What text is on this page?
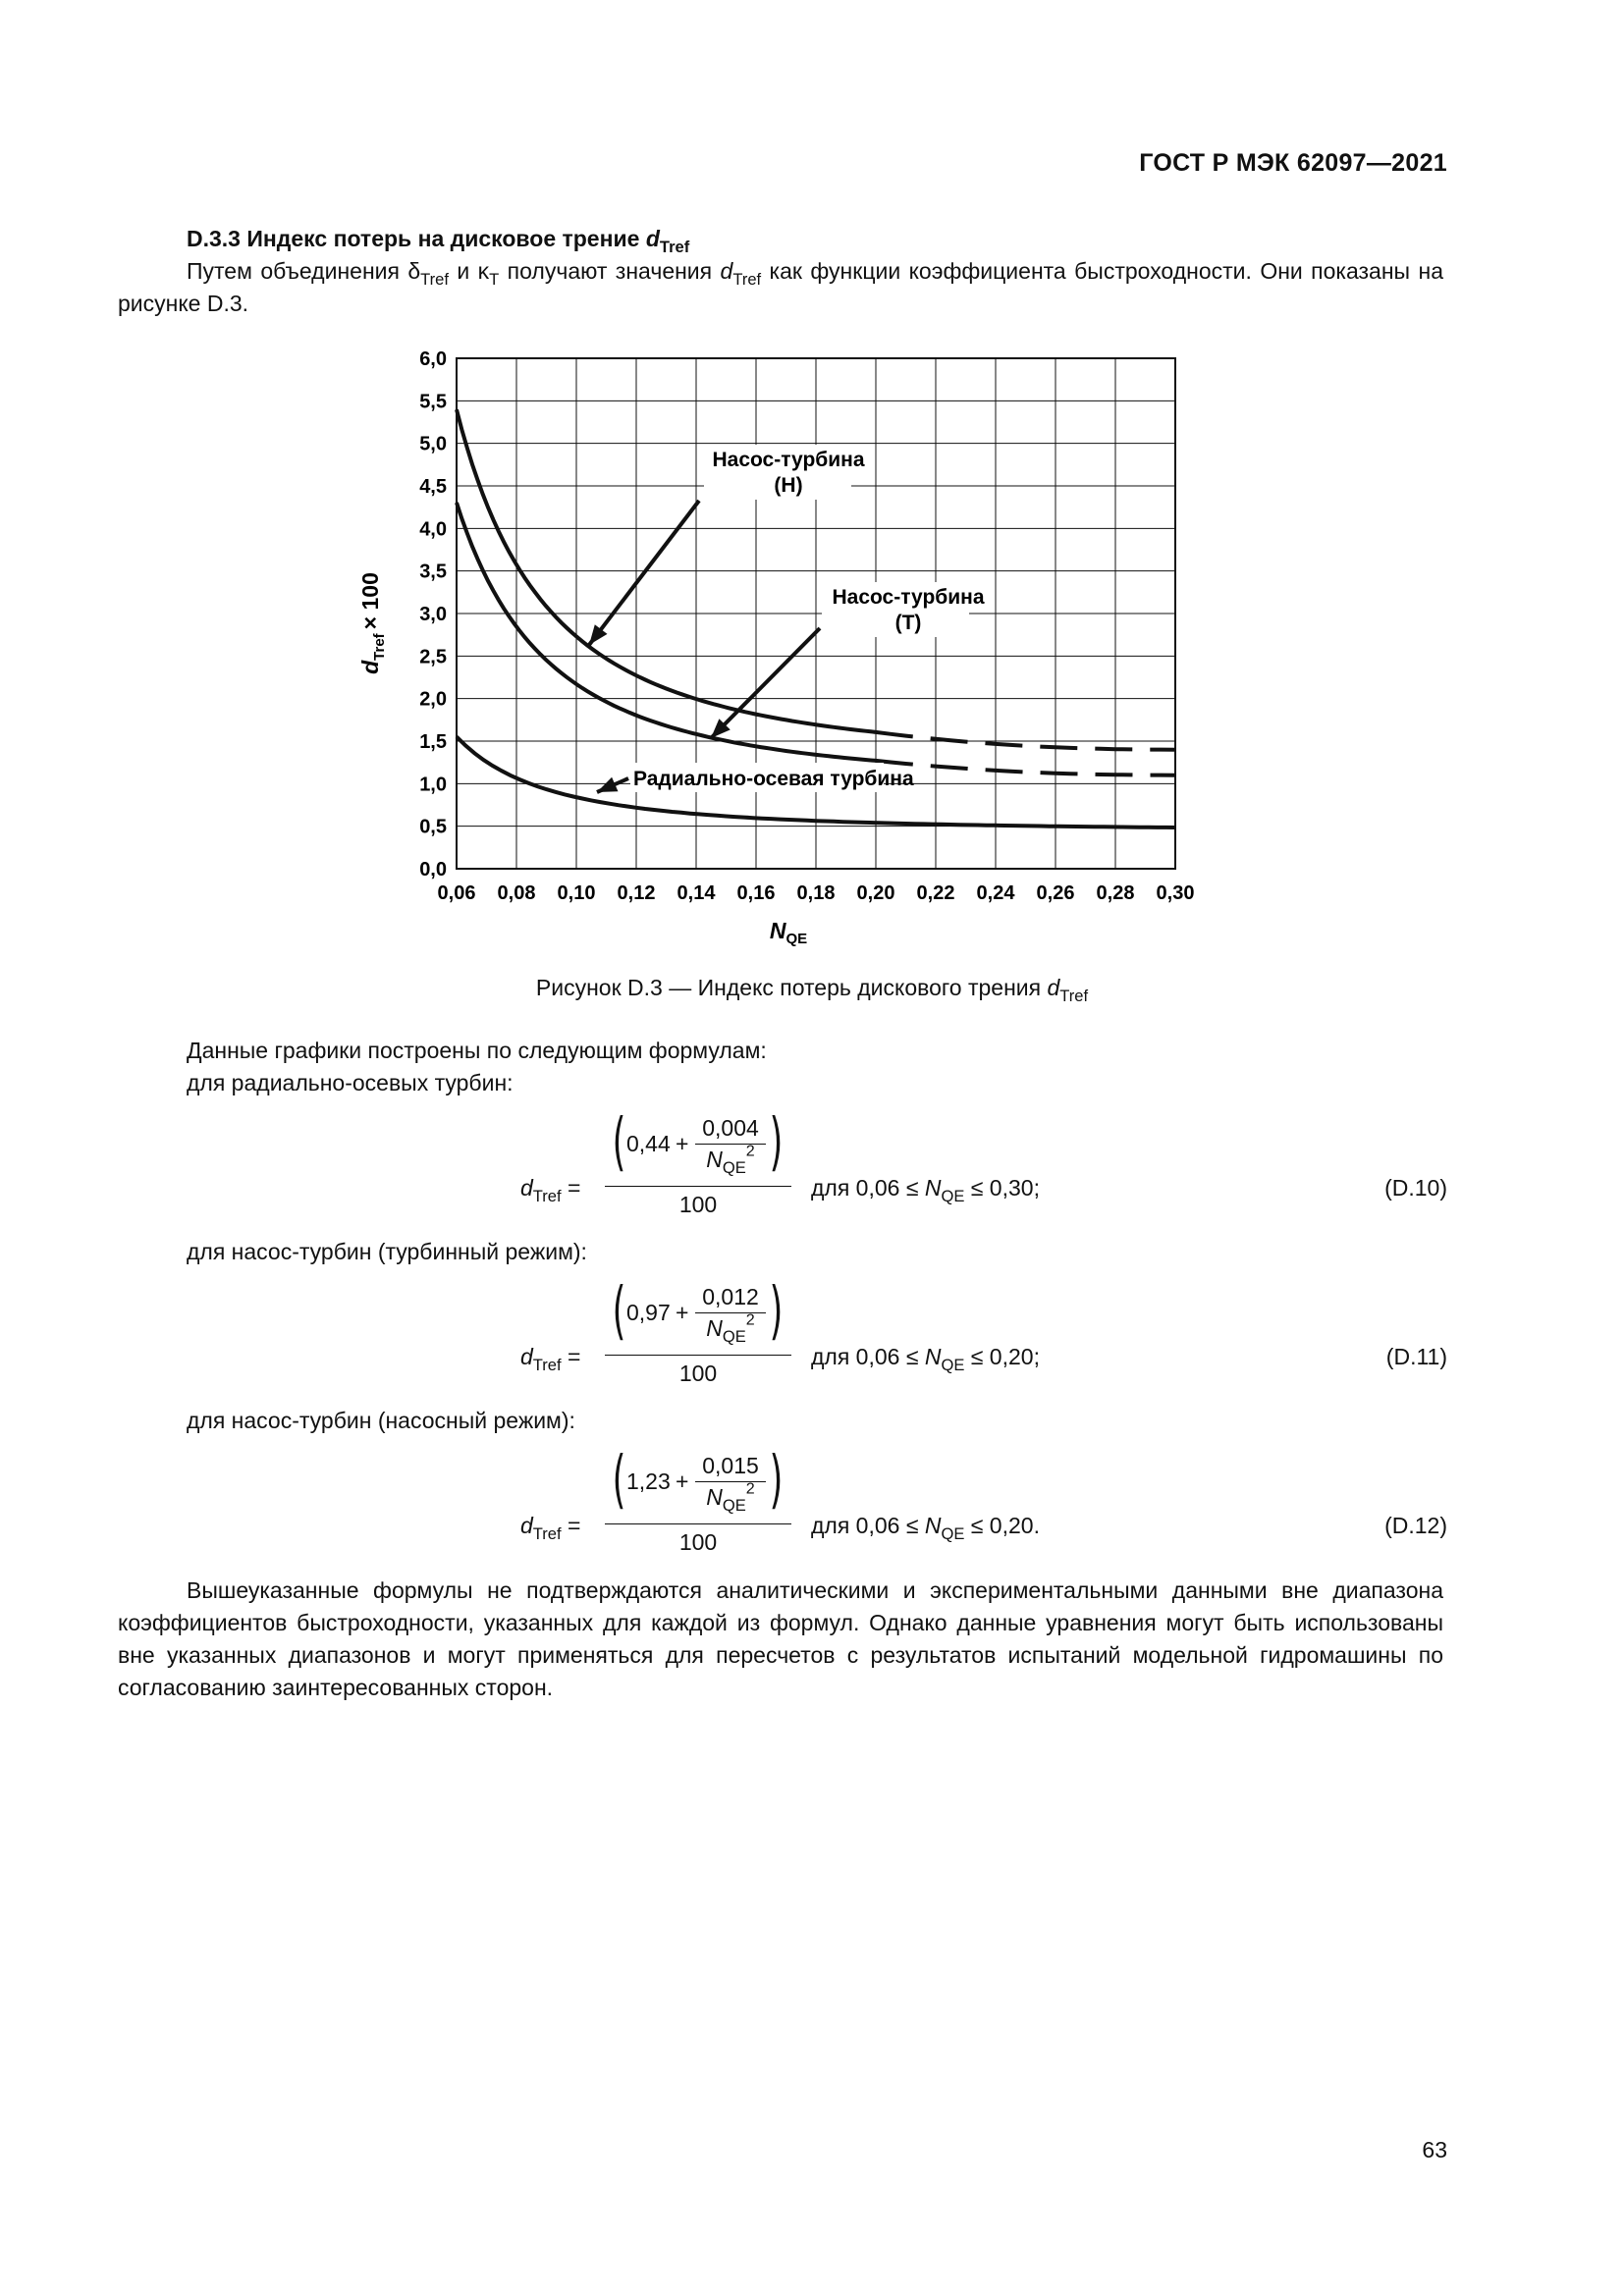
ГОСТ Р МЭК 62097—2021
D.3.3 Индекс потерь на дисковое трение $d_{Tref}$
Путем объединения $\delta_{Tref}$ и $\kappa_T$ получают значения $d_{Tref}$ как функции коэффициента быстроходности. Они показаны на рисунке D.3.
0,0
0,5
1,0
1,5
2,0
2,5
3,0
3,5
4,0
4,5
5,0
5,5
6,0
0,06 0,08 0,10 0,12 0,14 0,16 0,18 0,20 0,22 0,24 0,26 0,28 0,30
Насос-турбина
(Н)
Насос-турбина
(Т)
Радиально-осевая турбина
$d_{Tref}\times 100$
$N_{QE}$
Рисунок D.3 — Индекс потерь дискового трения $d_{Tref}$
Данные графики построены по следующим формулам:
для радиально-осевых турбин:
$d_{Tref}$ =
( 0,44 +
0,004
$N_{QE}^2$ )
100
для $0,06 \le N_{QE} \le 0,30$;	(D.10)
для насос-турбин (турбинный режим):
$d_{Tref}$ =
( 0,97 +
0,012
$N_{QE}^2$ )
100
для $0,06 \le N_{QE} \le 0,20$;	(D.11)
для насос-турбин (насосный режим):
$d_{Tref}$ =
( 1,23 +
0,015
$N_{QE}^2$ )
100
для $0,06 \le N_{QE} \le 0,20$.	(D.12)
Вышеуказанные формулы не подтверждаются аналитическими и экспериментальными данными вне диапазона коэффициентов быстроходности, указанных для каждой из формул. Однако данные уравнения могут быть использованы вне указанных диапазонов и могут применяться для пересчетов с результатов испытаний модельной гидромашины по согласованию заинтересованных сторон.
63
